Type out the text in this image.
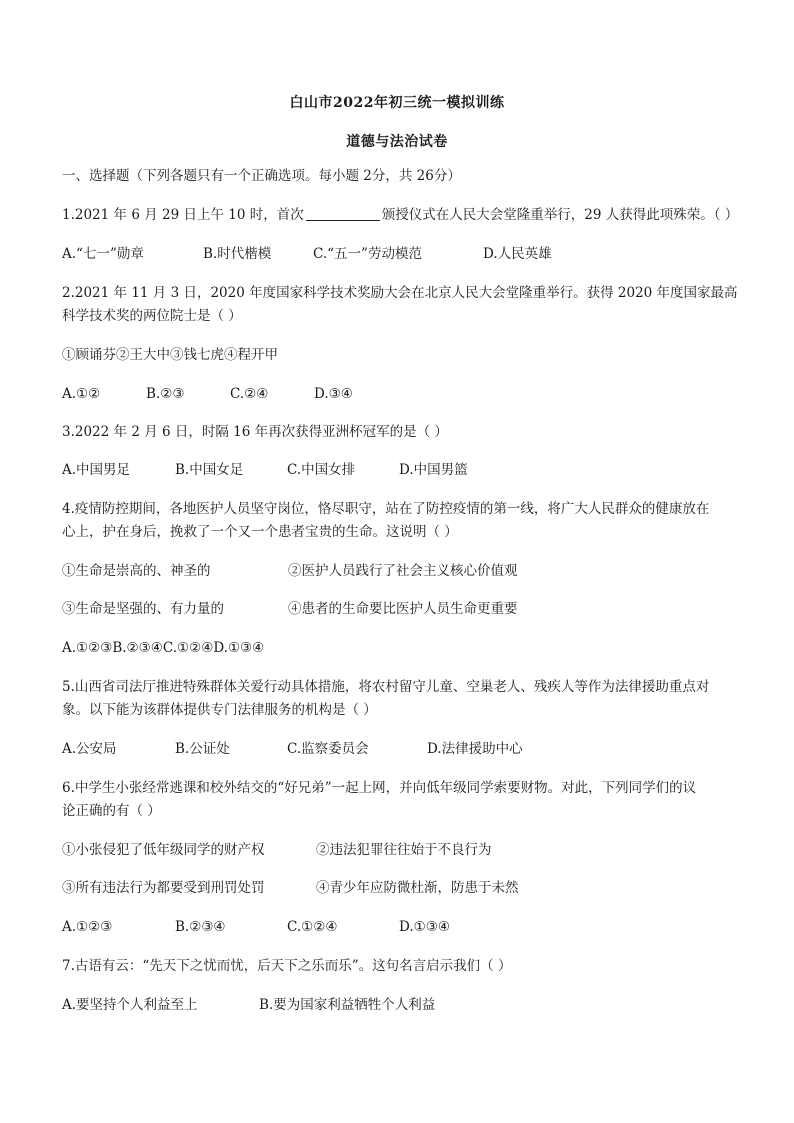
白山市2022年初三统一模拟训练
道德与法治试卷
一、选择题（下列各题只有一个正确选项。每小题 2分，共 26分）
1.2021 年 6 月 29 日上午 10 时，首次	颁授仪式在人民大会堂隆重举行，29 人获得此项殊荣。（ ）
A.“七一”勋章	B.时代楷模	C.“五一”劳动模范	D.人民英雄
2.2021 年 11 月 3 日，2020 年度国家科学技术奖励大会在北京人民大会堂隆重举行。获得 2020 年度国家最高
科学技术奖的两位院士是（ ）
①顾诵芬②王大中③钱七虎④程开甲
A.①②	B.②③	C.②④	D.③④
3.2022 年 2 月 6 日，时隔 16 年再次获得亚洲杯冠军的是（ ）
A.中国男足	B.中国女足	C.中国女排	D.中国男篮
4.疫情防控期间，各地医护人员坚守岗位，恪尽职守，站在了防控疫情的第一线，将广大人民群众的健康放在
心上，护在身后，挽救了一个又一个患者宝贵的生命。这说明（ ）
①生命是崇高的、神圣的	②医护人员践行了社会主义核心价值观
③生命是坚强的、有力量的	④患者的生命要比医护人员生命更重要
A.①②③B.②③④C.①②④D.①③④
5.山西省司法厅推进特殊群体关爱行动具体措施，将农村留守儿童、空巢老人、残疾人等作为法律援助重点对
象。以下能为该群体提供专门法律服务的机构是（ ）
A.公安局	B.公证处	C.监察委员会	D.法律援助中心
6.中学生小张经常逃课和校外结交的“好兄弟”一起上网，并向低年级同学索要财物。对此，下列同学们的议
论正确的有（ ）
①小张侵犯了低年级同学的财产权	②违法犯罪往往始于不良行为
③所有违法行为都要受到刑罚处罚	④青少年应防微杜渐，防患于未然
A.①②③	B.②③④	C.①②④	D.①③④
7.古语有云：“先天下之忧而忧，后天下之乐而乐”。这句名言启示我们（ ）
A.要坚持个人利益至上	B.要为国家利益牺牲个人利益
